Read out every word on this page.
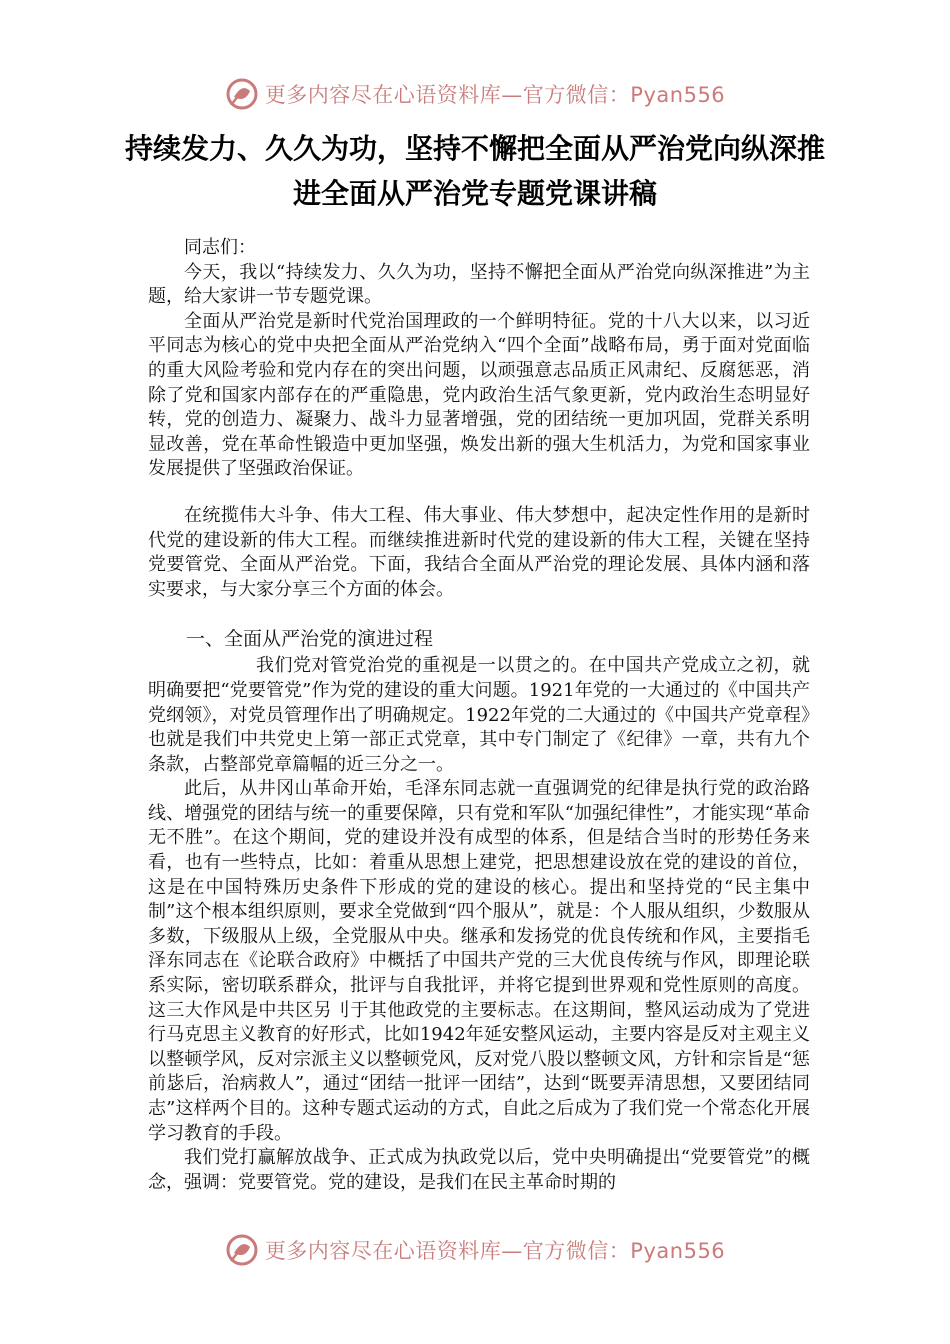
更多内容尽在心语资料库—官方微信：Pyan556
持续发力、久久为功，坚持不懈把全面从严治党向纵深推进全面从严治党专题党课讲稿

同志们：

今天，我以“持续发力、久久为功，坚持不懈把全面从严治党向纵深推进”为主题，给大家讲一节专题党课。

全面从严治党是新时代党治国理政的一个鲜明特征。党的十八大以来，以习近平同志为核心的党中央把全面从严治党纳入“四个全面”战略布局，勇于面对党面临的重大风险考验和党内存在的突出问题，以顽强意志品质正风肃纪、反腐惩恶，消除了党和国家内部存在的严重隐患，党内政治生活气象更新，党内政治生态明显好转，党的创造力、凝聚力、战斗力显著增强，党的团结统一更加巩固，党群关系明显改善，党在革命性锻造中更加坚强，焕发出新的强大生机活力，为党和国家事业发展提供了坚强政治保证。

在统揽伟大斗争、伟大工程、伟大事业、伟大梦想中，起决定性作用的是新时代党的建设新的伟大工程。而继续推进新时代党的建设新的伟大工程，关键在坚持党要管党、全面从严治党。下面，我结合全面从严治党的理论发展、具体内涵和落实要求，与大家分享三个方面的体会。

一、全面从严治党的演进过程

我们党对管党治党的重视是一以贯之的。在中国共产党成立之初，就明确要把“党要管党”作为党的建设的重大问题。1921年党的一大通过的《中国共产党纲领》，对党员管理作出了明确规定。1922年党的二大通过的《中国共产党章程》也就是我们中共党史上第一部正式党章，其中专门制定了《纪律》一章，共有九个条款，占整部党章篇幅的近三分之一。

此后，从井冈山革命开始，毛泽东同志就一直强调党的纪律是执行党的政治路线、增强党的团结与统一的重要保障，只有党和军队“加强纪律性”，才能实现“革命无不胜”。在这个期间，党的建设并没有成型的体系，但是结合当时的形势任务来看，也有一些特点，比如：着重从思想上建党，把思想建设放在党的建设的首位，这是在中国特殊历史条件下形成的党的建设的核心。提出和坚持党的“民主集中制”这个根本组织原则，要求全党做到“四个服从”，就是：个人服从组织，少数服从多数，下级服从上级，全党服从中央。继承和发扬党的优良传统和作风，主要指毛泽东同志在《论联合政府》中概括了中国共产党的三大优良传统与作风，即理论联系实际，密切联系群众，批评与自我批评，并将它提到世界观和党性原则的高度。这三大作风是中共区另刂于其他政党的主要标志。在这期间，整风运动成为了党进行马克思主义教育的好形式，比如1942年延安整风运动，主要内容是反对主观主义以整顿学风，反对宗派主义以整顿党风，反对党八股以整顿文风，方针和宗旨是“惩前毖后，治病救人”，通过“团结一批评一团结”，达到“既要弄清思想，又要团结同志”这样两个目的。这种专题式运动的方式，自此之后成为了我们党一个常态化开展学习教育的手段。

我们党打赢解放战争、正式成为执政党以后，党中央明确提出“党要管党”的概念，强调：党要管党。党的建设，是我们在民主革命时期的

更多内容尽在心语资料库—官方微信：Pyan556
